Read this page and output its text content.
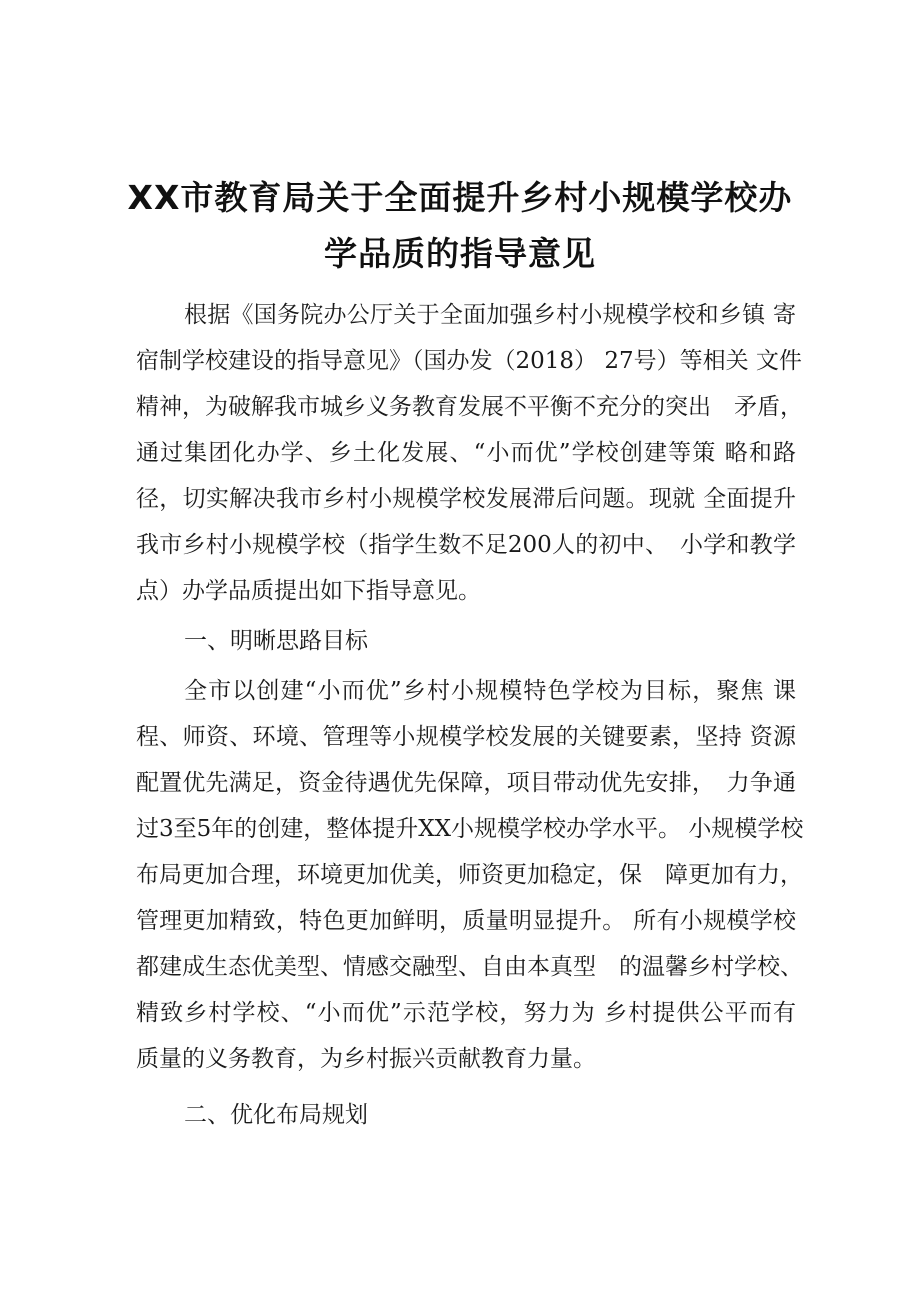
XX市教育局关于全面提升乡村小规模学校办
学品质的指导意见
根据《国务院办公厅关于全面加强乡村小规模学校和乡镇 寄
宿制学校建设的指导意见》（国办发（2018） 27号）等相关 文件
精神，为破解我市城乡义务教育发展不平衡不充分的突出　矛盾，
通过集团化办学、乡土化发展、“小而优”学校创建等策 略和路
径，切实解决我市乡村小规模学校发展滞后问题。现就 全面提升
我市乡村小规模学校（指学生数不足200人的初中、　小学和教学
点）办学品质提出如下指导意见。
一、明晰思路目标
全市以创建“小而优”乡村小规模特色学校为目标，聚焦 课
程、师资、环境、管理等小规模学校发展的关键要素，坚持 资源
配置优先满足，资金待遇优先保障，项目带动优先安排，　力争通
过3至5年的创建，整体提升XX小规模学校办学水平。 小规模学校
布局更加合理，环境更加优美，师资更加稳定，保　障更加有力，
管理更加精致，特色更加鲜明，质量明显提升。 所有小规模学校
都建成生态优美型、情感交融型、自由本真型　的温馨乡村学校、
精致乡村学校、“小而优”示范学校，努力为 乡村提供公平而有
质量的义务教育，为乡村振兴贡献教育力量。
二、优化布局规划
